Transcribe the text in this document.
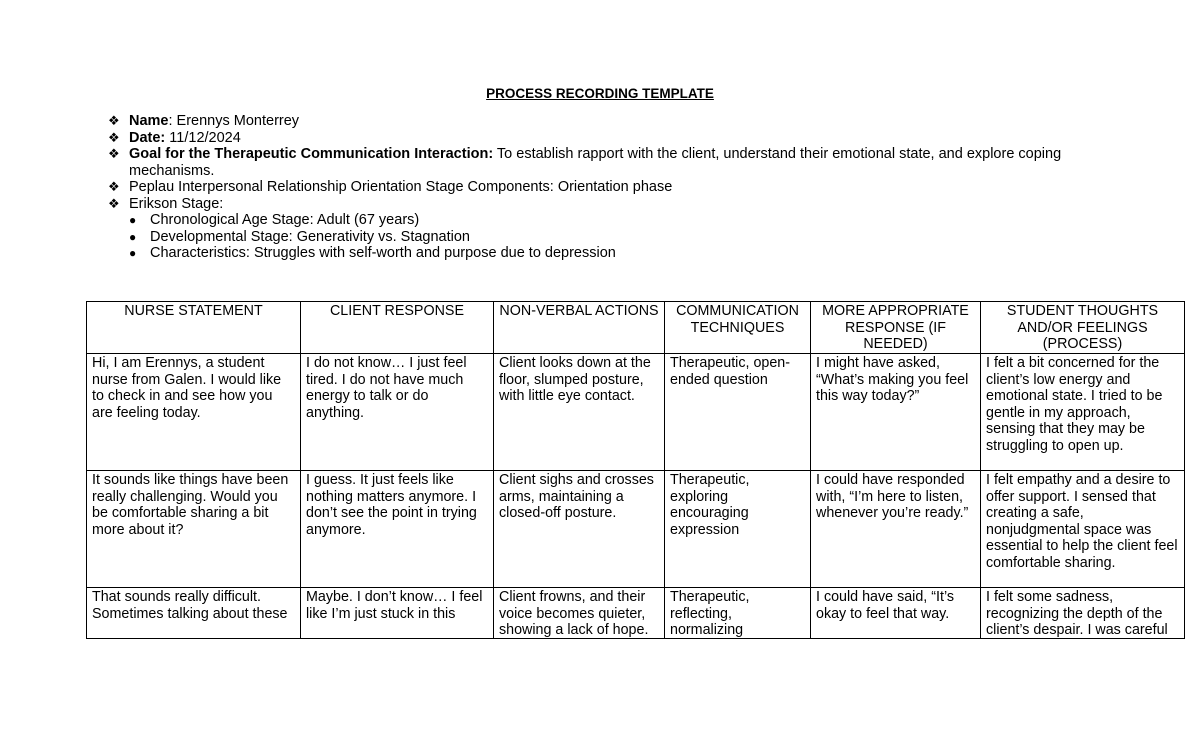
PROCESS RECORDING TEMPLATE
❖ Name: Erennys Monterrey
❖ Date: 11/12/2024
❖ Goal for the Therapeutic Communication Interaction: To establish rapport with the client, understand their emotional state, and explore coping mechanisms.
❖ Peplau Interpersonal Relationship Orientation Stage Components: Orientation phase
❖ Erikson Stage:
● Chronological Age Stage: Adult (67 years)
● Developmental Stage: Generativity vs. Stagnation
● Characteristics: Struggles with self-worth and purpose due to depression
NURSE STATEMENT	CLIENT RESPONSE	NON-VERBAL ACTIONS	COMMUNICATION TECHNIQUES	MORE APPROPRIATE RESPONSE (IF NEEDED)	STUDENT THOUGHTS AND/OR FEELINGS (PROCESS)
Hi, I am Erennys, a student nurse from Galen. I would like to check in and see how you are feeling today.	I do not know… I just feel tired. I do not have much energy to talk or do anything.	Client looks down at the floor, slumped posture, with little eye contact.	Therapeutic, open-ended question	I might have asked, “What’s making you feel this way today?”	I felt a bit concerned for the client’s low energy and emotional state. I tried to be gentle in my approach, sensing that they may be struggling to open up.
It sounds like things have been really challenging. Would you be comfortable sharing a bit more about it?	I guess. It just feels like nothing matters anymore. I don’t see the point in trying anymore.	Client sighs and crosses arms, maintaining a closed-off posture.	Therapeutic, exploring encouraging expression	I could have responded with, “I’m here to listen, whenever you’re ready.”	I felt empathy and a desire to offer support. I sensed that creating a safe, nonjudgmental space was essential to help the client feel comfortable sharing.

That sounds really difficult. Sometimes talking about these	Maybe. I don’t know… I feel like I’m just stuck in this	Client frowns, and their voice becomes quieter, showing a lack of hope.	Therapeutic, reflecting, normalizing	I could have said, “It’s okay to feel that way.	I felt some sadness, recognizing the depth of the client’s despair. I was careful
